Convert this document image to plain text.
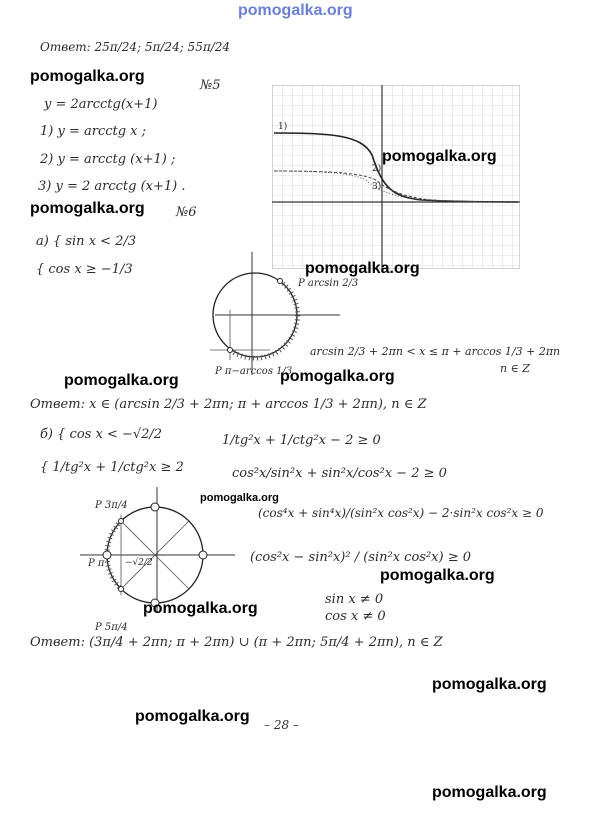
pomogalka.org
Ответ: 25π/24; 5π/24; 55π/24
№5
y = 2arcctg(x+1)
1) y = arcctg x ;
2) y = arcctg (x+1) ;
3) y = 2 arcctg (x+1) .
1)
2)
3)
№6
a) { sin x < 2/3
{ cos x ≥ −1/3
P arcsin 2/3
P π−arccos 1/3
arcsin 2/3 + 2πn < x ≤ π + arccos 1/3 + 2πn
n ∈ Z
Ответ: x ∈ (arcsin 2/3 + 2πn; π + arccos 1/3 + 2πn), n ∈ Z
б) { cos x < −√2/2
{ 1/tg²x + 1/ctg²x ≥ 2
1/tg²x + 1/ctg²x − 2 ≥ 0
cos²x/sin²x + sin²x/cos²x − 2 ≥ 0
(cos⁴x + sin⁴x)/(sin²x cos²x) − 2·sin²x cos²x ≥ 0
(cos²x − sin²x)² / (sin²x cos²x) ≥ 0
sin x ≠ 0
cos x ≠ 0
P 3π/4
P π
P 5π/4
−√2/2
Ответ: (3π/4 + 2πn; π + 2πn) ∪ (π + 2πn; 5π/4 + 2πn), n ∈ Z
– 28 –
pomogalka.org
pomogalka.org
pomogalka.org
pomogalka.org
pomogalka.org	pomogalka.org
pomogalka.org
pomogalka.org
pomogalka.org
pomogalka.org
pomogalka.org
pomogalka.org
